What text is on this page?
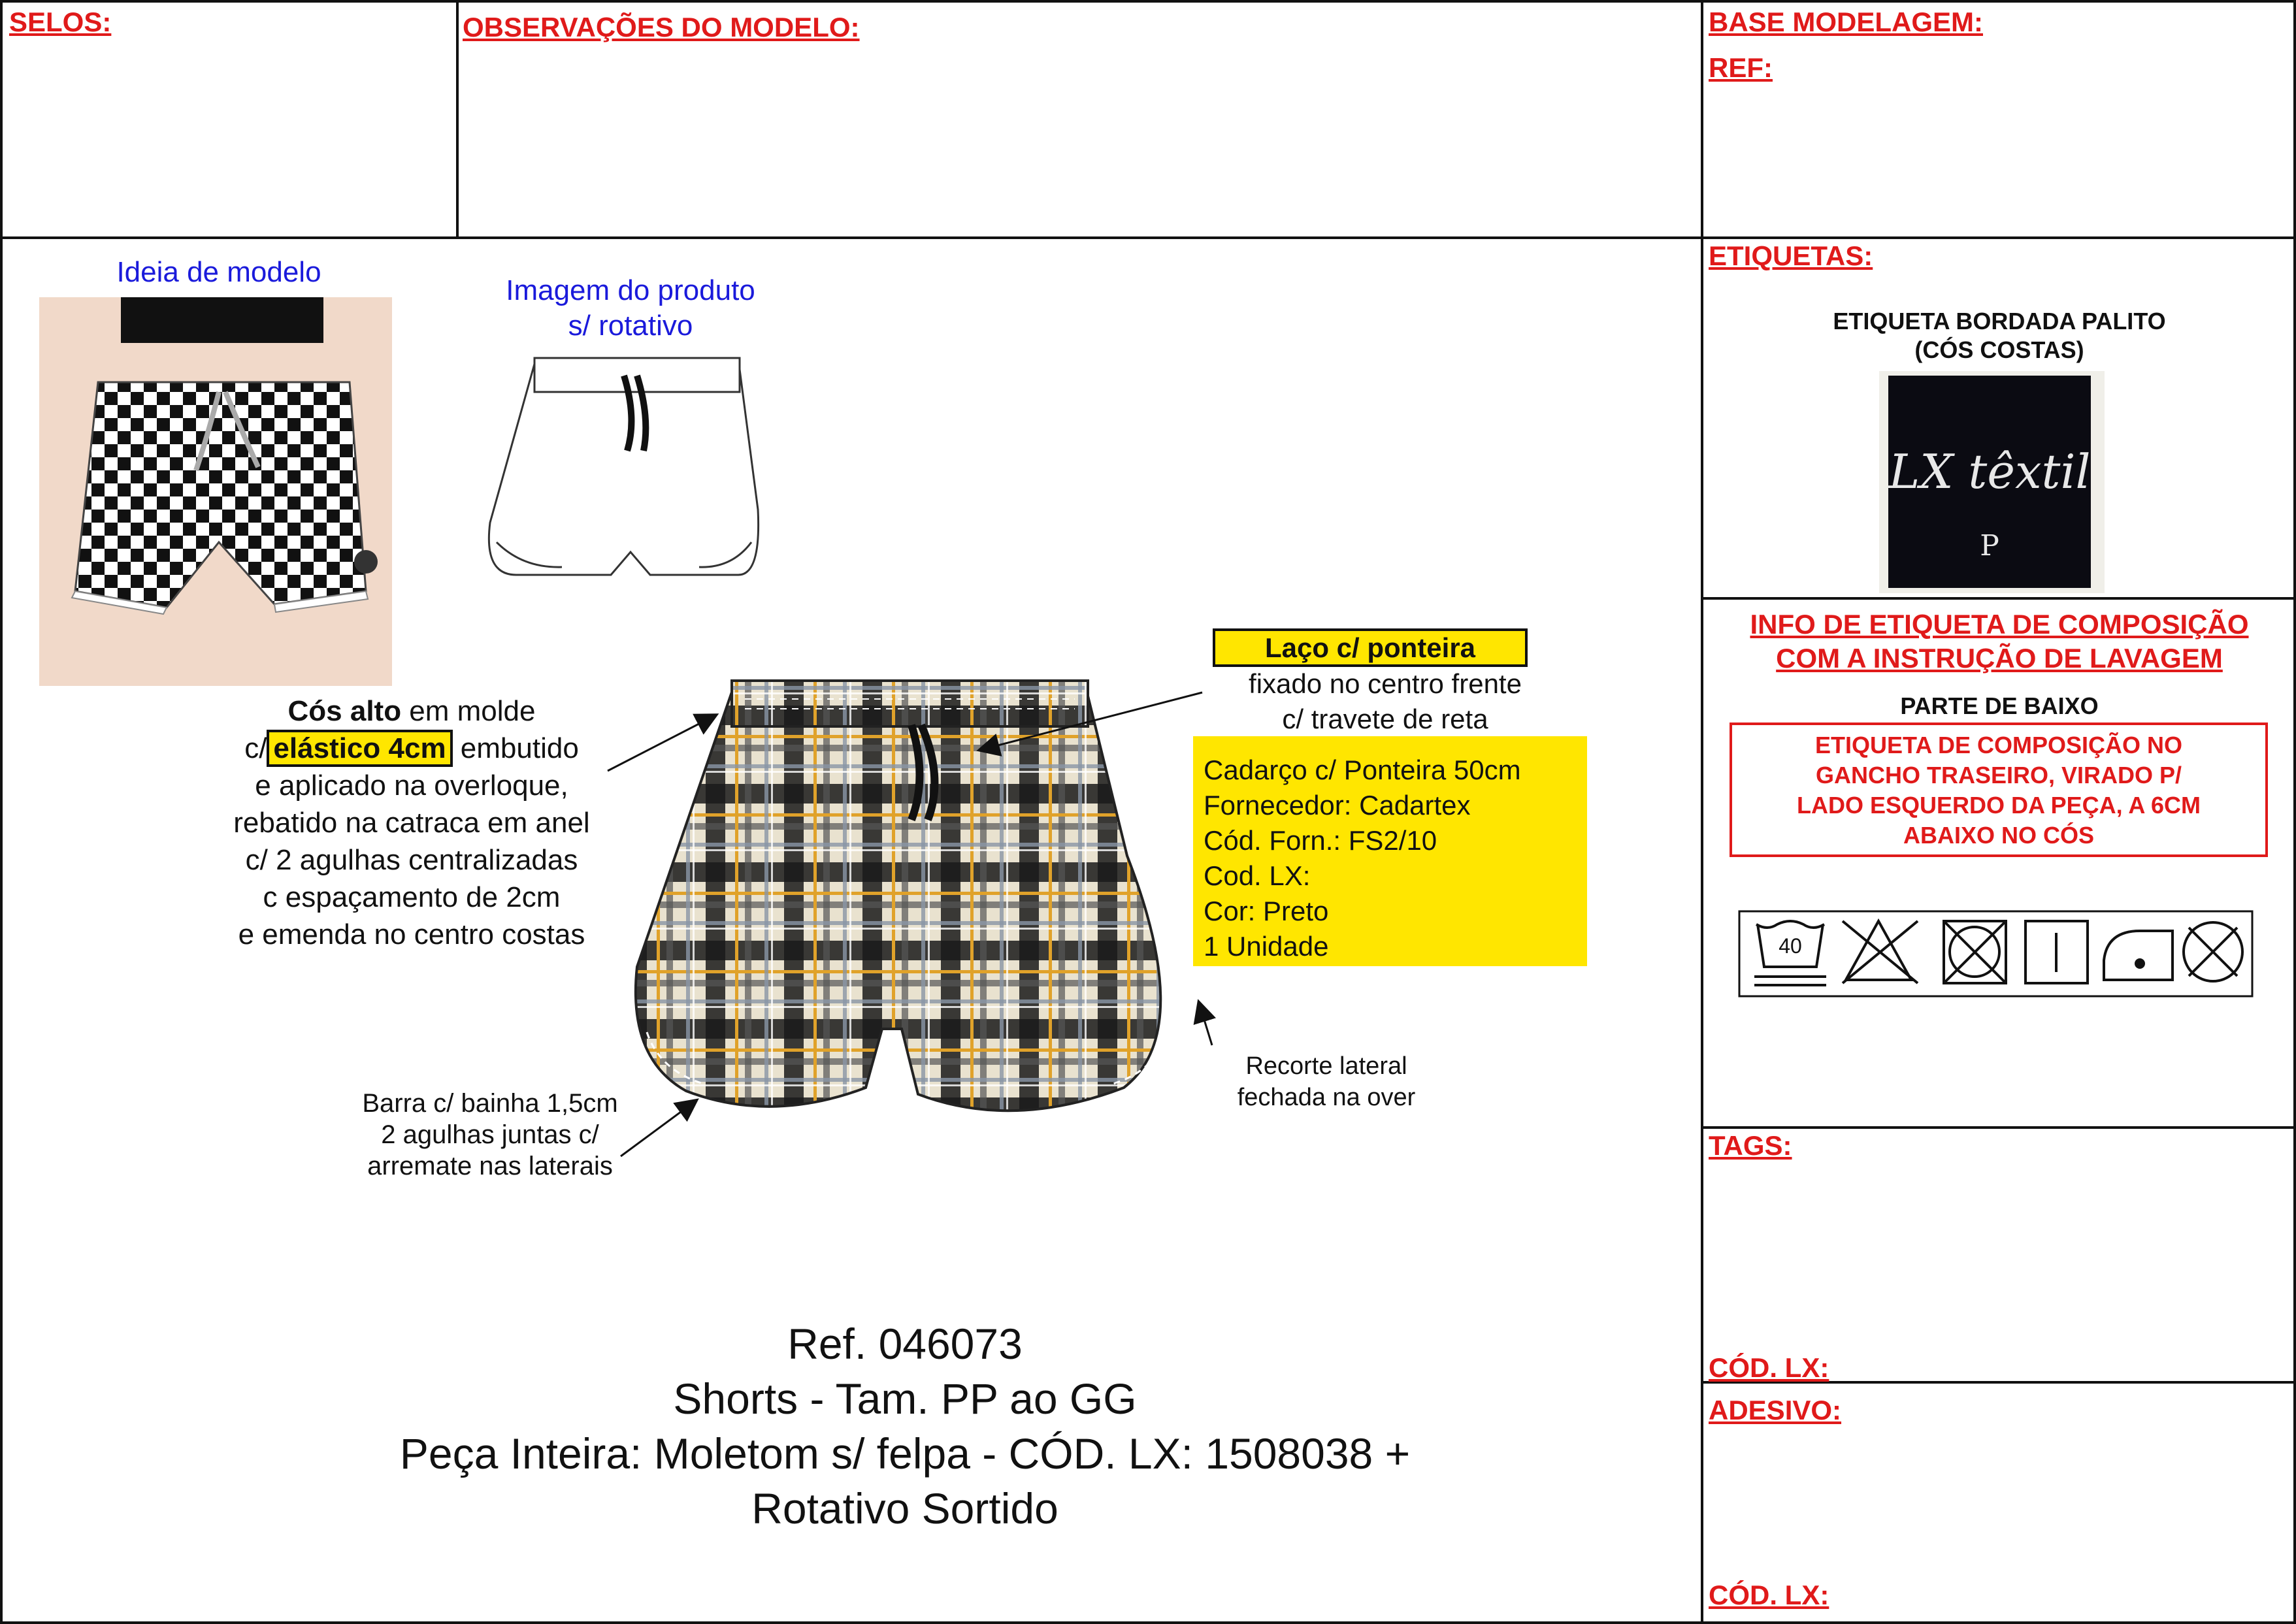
SELOS:	OBSERVAÇÕES DO MODELO:	BASE MODELAGEM:
REF:
Ideia de modelo
Imagem do produto
s/ rotativo
Cós alto em molde
c/ elástico 4cm embutido
e aplicado na overloque,
rebatido na catraca em anel
c/ 2 agulhas centralizadas
c espaçamento de 2cm
e emenda no centro costas
Barra c/ bainha 1,5cm
2 agulhas juntas c/
arremate nas laterais
Laço c/ ponteira
fixado no centro frente
c/ travete de reta
Cadarço c/ Ponteira 50cm
Fornecedor: Cadartex
Cód. Forn.: FS2/10
Cod. LX:
Cor: Preto
1 Unidade
Recorte lateral
fechada na over
Ref. 046073
Shorts - Tam. PP ao GG
Peça Inteira: Moletom s/ felpa - CÓD. LX: 1508038 +
Rotativo Sortido
ETIQUETAS:
ETIQUETA BORDADA PALITO
(CÓS COSTAS)
LX têxtil
P
INFO DE ETIQUETA DE COMPOSIÇÃO
COM A INSTRUÇÃO DE LAVAGEM
PARTE DE BAIXO
ETIQUETA DE COMPOSIÇÃO NO
GANCHO TRASEIRO, VIRADO P/
LADO ESQUERDO DA PEÇA, A 6CM
ABAIXO NO CÓS
40
TAGS:
CÓD. LX:
ADESIVO:
CÓD. LX:
